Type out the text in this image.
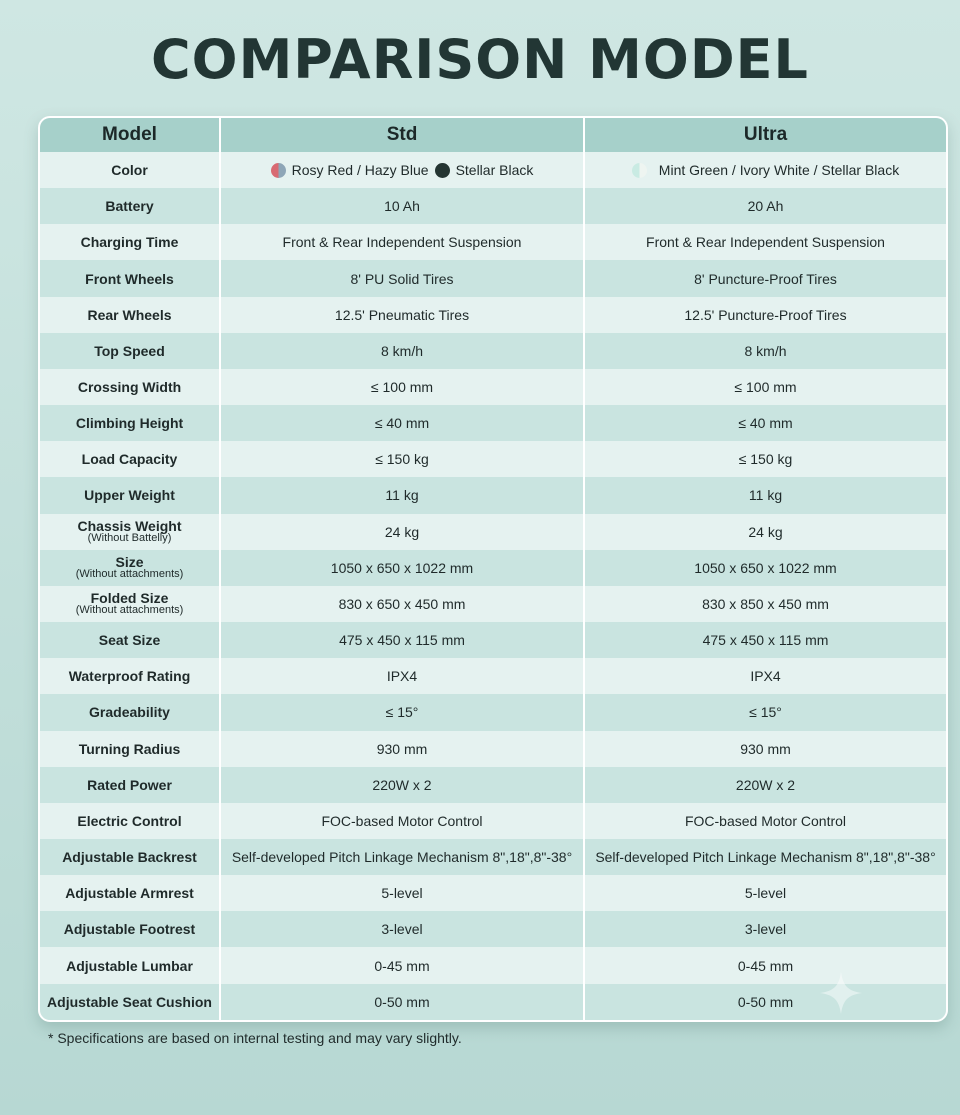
COMPARISON MODEL
Model	Std	Ultra
Color	Rosy Red / Hazy Blue Stellar Black	Mint Green / Ivory White / Stellar Black
Battery	10 Ah	20 Ah
Charging Time	Front & Rear Independent Suspension	Front & Rear Independent Suspension
Front Wheels	8' PU Solid Tires	8' Puncture-Proof Tires
Rear Wheels	12.5' Pneumatic Tires	12.5' Puncture-Proof Tires
Top Speed	8 km/h	8 km/h
Crossing Width	≤ 100 mm	≤ 100 mm
Climbing Height	≤ 40 mm	≤ 40 mm
Load Capacity	≤ 150 kg	≤ 150 kg
Upper Weight	11 kg	11 kg

Chassis Weight
(Without Battelly)	24 kg	24 kg

Size
(Without attachments)	1050 x 650 x 1022 mm	1050 x 650 x 1022 mm

Folded Size
(Without attachments)	830 x 650 x 450 mm	830 x 850 x 450 mm
Seat Size	475 x 450 x 115 mm	475 x 450 x 115 mm
Waterproof Rating	IPX4	IPX4
Gradeability	≤ 15°	≤ 15°
Turning Radius	930 mm	930 mm
Rated Power	220W x 2	220W x 2
Electric Control	FOC-based Motor Control	FOC-based Motor Control
Adjustable Backrest	Self-developed Pitch Linkage Mechanism 8",18",8"-38°	Self-developed Pitch Linkage Mechanism 8",18",8"-38°
Adjustable Armrest	5-level	5-level
Adjustable Footrest	3-level	3-level
Adjustable Lumbar	0-45 mm	0-45 mm
Adjustable Seat Cushion	0-50 mm	0-50 mm
* Specifications are based on internal testing and may vary slightly.
